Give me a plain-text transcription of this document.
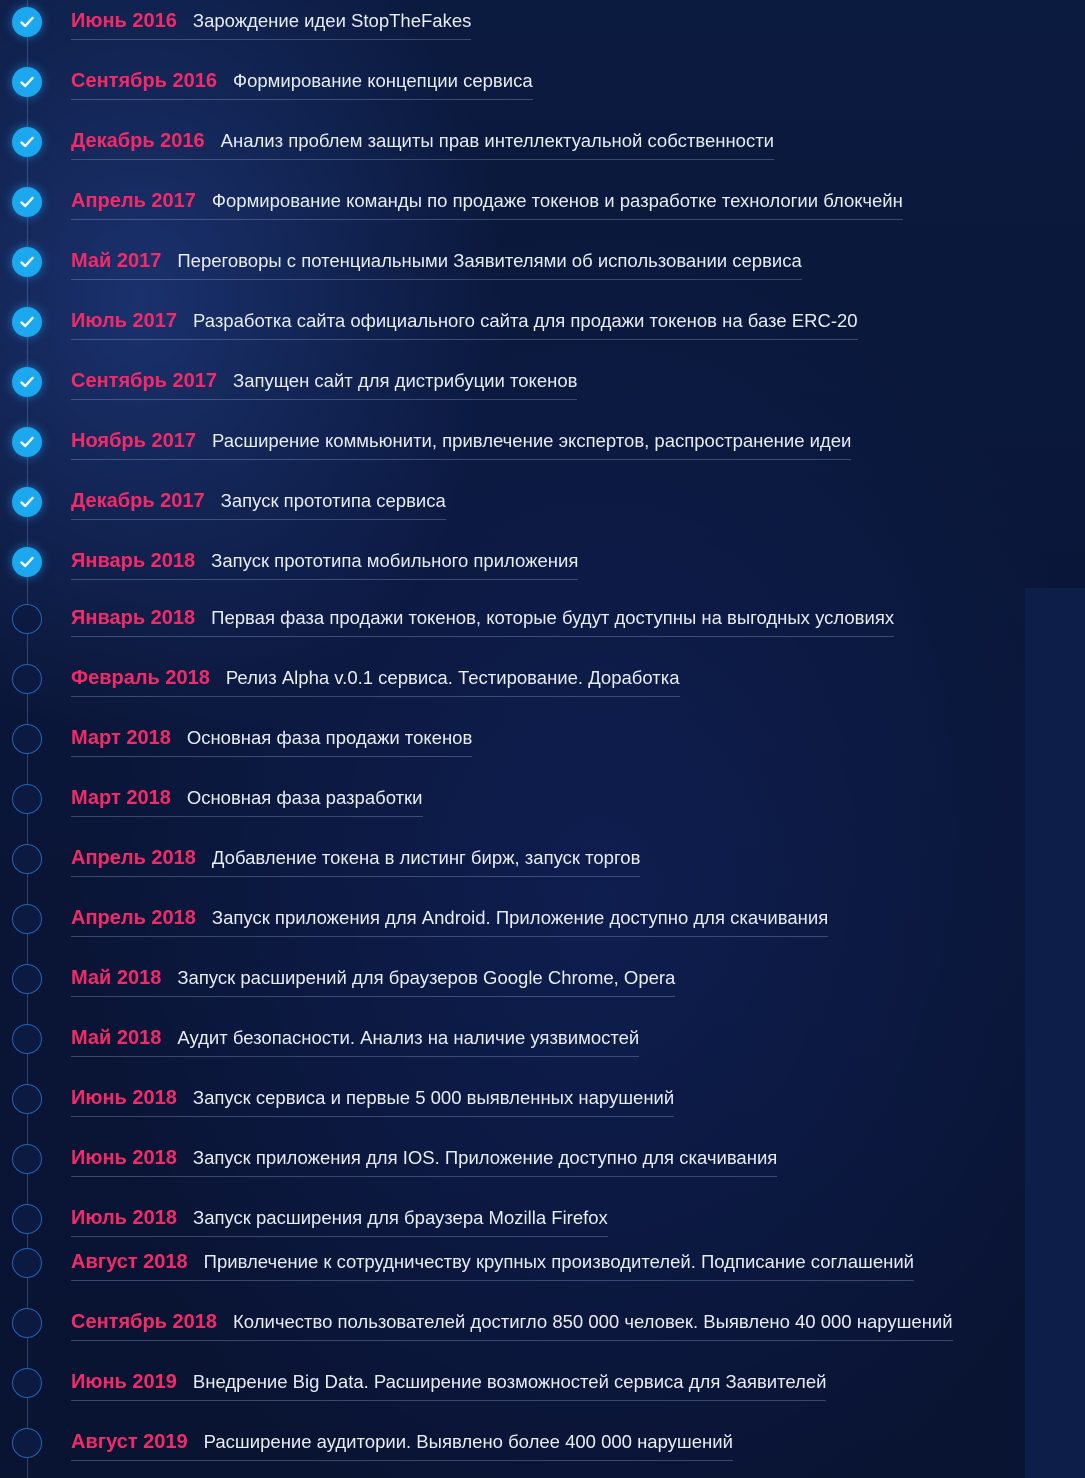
Июнь 2016 Зарождение идеи StopTheFakes
Сентябрь 2016 Формирование концепции сервиса
Декабрь 2016 Анализ проблем защиты прав интеллектуальной собственности
Апрель 2017 Формирование команды по продаже токенов и разработке технологии блокчейн
Май 2017 Переговоры с потенциальными Заявителями об использовании сервиса
Июль 2017 Разработка сайта официального сайта для продажи токенов на базе ERC-20
Сентябрь 2017 Запущен сайт для дистрибуции токенов
Ноябрь 2017 Расширение коммьюнити, привлечение экспертов, распространение идеи
Декабрь 2017 Запуск прототипа сервиса
Январь 2018 Запуск прототипа мобильного приложения
Январь 2018 Первая фаза продажи токенов, которые будут доступны на выгодных условиях
Февраль 2018 Релиз Alpha v.0.1 сервиса. Тестирование. Доработка
Март 2018 Основная фаза продажи токенов
Март 2018 Основная фаза разработки
Апрель 2018 Добавление токена в листинг бирж, запуск торгов
Апрель 2018 Запуск приложения для Android. Приложение доступно для скачивания
Май 2018 Запуск расширений для браузеров Google Chrome, Opera
Май 2018 Аудит безопасности. Анализ на наличие уязвимостей
Июнь 2018 Запуск сервиса и первые 5 000 выявленных нарушений
Июнь 2018 Запуск приложения для IOS. Приложение доступно для скачивания
Июль 2018 Запуск расширения для браузера Mozilla Firefox
Август 2018 Привлечение к сотрудничеству крупных производителей. Подписание соглашений
Сентябрь 2018 Количество пользователей достигло 850 000 человек. Выявлено 40 000 нарушений
Июнь 2019 Внедрение Big Data. Расширение возможностей сервиса для Заявителей
Август 2019 Расширение аудитории. Выявлено более 400 000 нарушений
